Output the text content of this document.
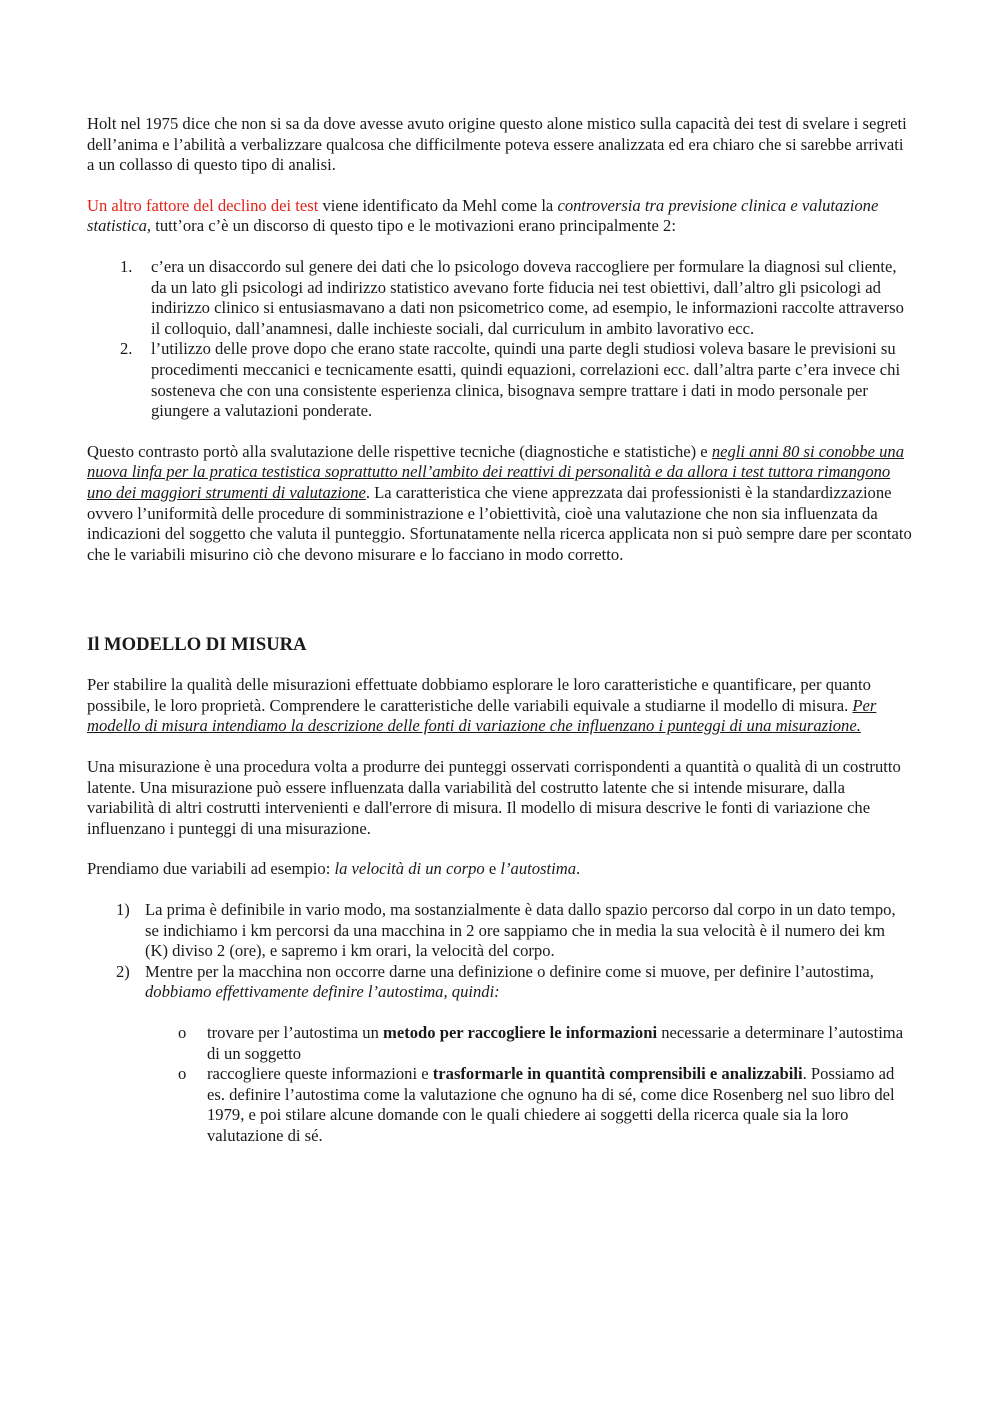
Holt nel 1975 dice che non si sa da dove avesse avuto origine questo alone mistico sulla capacità dei test di svelare i segreti dell’anima e l’abilità a verbalizzare qualcosa che difficilmente poteva essere analizzata ed era chiaro che si sarebbe arrivati a un collasso di questo tipo di analisi.

Un altro fattore del declino dei test viene identificato da Mehl come la controversia tra previsione clinica e valutazione statistica, tutt’ora c’è un discorso di questo tipo e le motivazioni erano principalmente 2:

1. c’era un disaccordo sul genere dei dati che lo psicologo doveva raccogliere per formulare la diagnosi sul cliente, da un lato gli psicologi ad indirizzo statistico avevano forte fiducia nei test obiettivi, dall’altro gli psicologi ad indirizzo clinico si entusiasmavano a dati non psicometrico come, ad esempio, le informazioni raccolte attraverso il colloquio, dall’anamnesi, dalle inchieste sociali, dal curriculum in ambito lavorativo ecc.
2. l’utilizzo delle prove dopo che erano state raccolte, quindi una parte degli studiosi voleva basare le previsioni su procedimenti meccanici e tecnicamente esatti, quindi equazioni, correlazioni ecc. dall’altra parte c’era invece chi sosteneva che con una consistente esperienza clinica, bisognava sempre trattare i dati in modo personale per giungere a valutazioni ponderate.

Questo contrasto portò alla svalutazione delle rispettive tecniche (diagnostiche e statistiche) e negli anni 80 si conobbe una nuova linfa per la pratica testistica soprattutto nell’ambito dei reattivi di personalità e da allora i test tuttora rimangono uno dei maggiori strumenti di valutazione. La caratteristica che viene apprezzata dai professionisti è la standardizzazione ovvero l’uniformità delle procedure di somministrazione e l’obiettività, cioè una valutazione che non sia influenzata da indicazioni del soggetto che valuta il punteggio. Sfortunatamente nella ricerca applicata non si può sempre dare per scontato che le variabili misurino ciò che devono misurare e lo facciano in modo corretto.

Il MODELLO DI MISURA

Per stabilire la qualità delle misurazioni effettuate dobbiamo esplorare le loro caratteristiche e quantificare, per quanto possibile, le loro proprietà. Comprendere le caratteristiche delle variabili equivale a studiarne il modello di misura. Per modello di misura intendiamo la descrizione delle fonti di variazione che influenzano i punteggi di una misurazione.

Una misurazione è una procedura volta a produrre dei punteggi osservati corrispondenti a quantità o qualità di un costrutto latente. Una misurazione può essere influenzata dalla variabilità del costrutto latente che si intende misurare, dalla variabilità di altri costrutti intervenienti e dall'errore di misura. Il modello di misura descrive le fonti di variazione che influenzano i punteggi di una misurazione.

Prendiamo due variabili ad esempio: la velocità di un corpo e l’autostima.

1) La prima è definibile in vario modo, ma sostanzialmente è data dallo spazio percorso dal corpo in un dato tempo, se indichiamo i km percorsi da una macchina in 2 ore sappiamo che in media la sua velocità è il numero dei km (K) diviso 2 (ore), e sapremo i km orari, la velocità del corpo.
2) Mentre per la macchina non occorre darne una definizione o definire come si muove, per definire l’autostima, dobbiamo effettivamente definire l’autostima, quindi:
o trovare per l’autostima un metodo per raccogliere le informazioni necessarie a determinare l’autostima di un soggetto
o raccogliere queste informazioni e trasformarle in quantità comprensibili e analizzabili. Possiamo ad es. definire l’autostima come la valutazione che ognuno ha di sé, come dice Rosenberg nel suo libro del 1979, e poi stilare alcune domande con le quali chiedere ai soggetti della ricerca quale sia la loro valutazione di sé.
